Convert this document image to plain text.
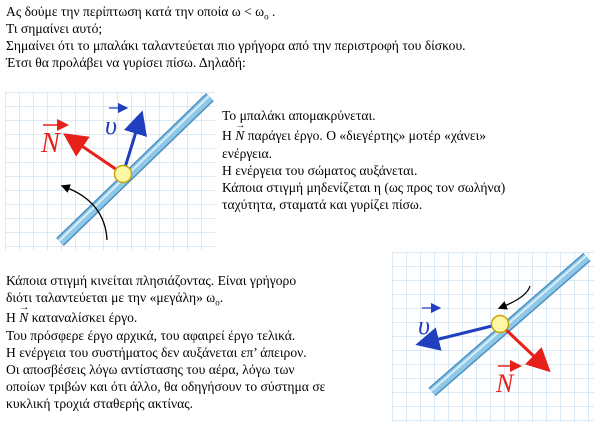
Ας δούμε την περίπτωση κατά την οποία $\omega < \omega_o$ .
Τι σημαίνει αυτό;
Σημαίνει ότι το μπαλάκι ταλαντεύεται πιο γρήγορα από την περιστροφή του δίσκου.
Έτσι θα προλάβει να γυρίσει πίσω. Δηλαδή:
N
υ	Το μπαλάκι απομακρύνεται.
Η → N παράγει έργο. Ο «διεγέρτης» μοτέρ «χάνει»
ενέργεια.
Η ενέργεια του σώματος αυξάνεται.
Κάποια στιγμή μηδενίζεται η (ως προς τον σωλήνα)
ταχύτητα, σταματά και γυρίζει πίσω.
Κάποια στιγμή κινείται πλησιάζοντας. Είναι γρήγορο
διότι ταλαντεύεται με την «μεγάλη» $\omega_o$.
Η → N καταναλίσκει έργο.
Του πρόσφερε έργο αρχικά, του αφαιρεί έργο τελικά.
Η ενέργεια του συστήματος δεν αυξάνεται επ’ άπειρον.
Οι αποσβέσεις λόγω αντίστασης του αέρα, λόγω των
οποίων τριβών και ότι άλλο, θα οδηγήσουν το σύστημα σε
κυκλική τροχιά σταθερής ακτίνας.
υ
N
